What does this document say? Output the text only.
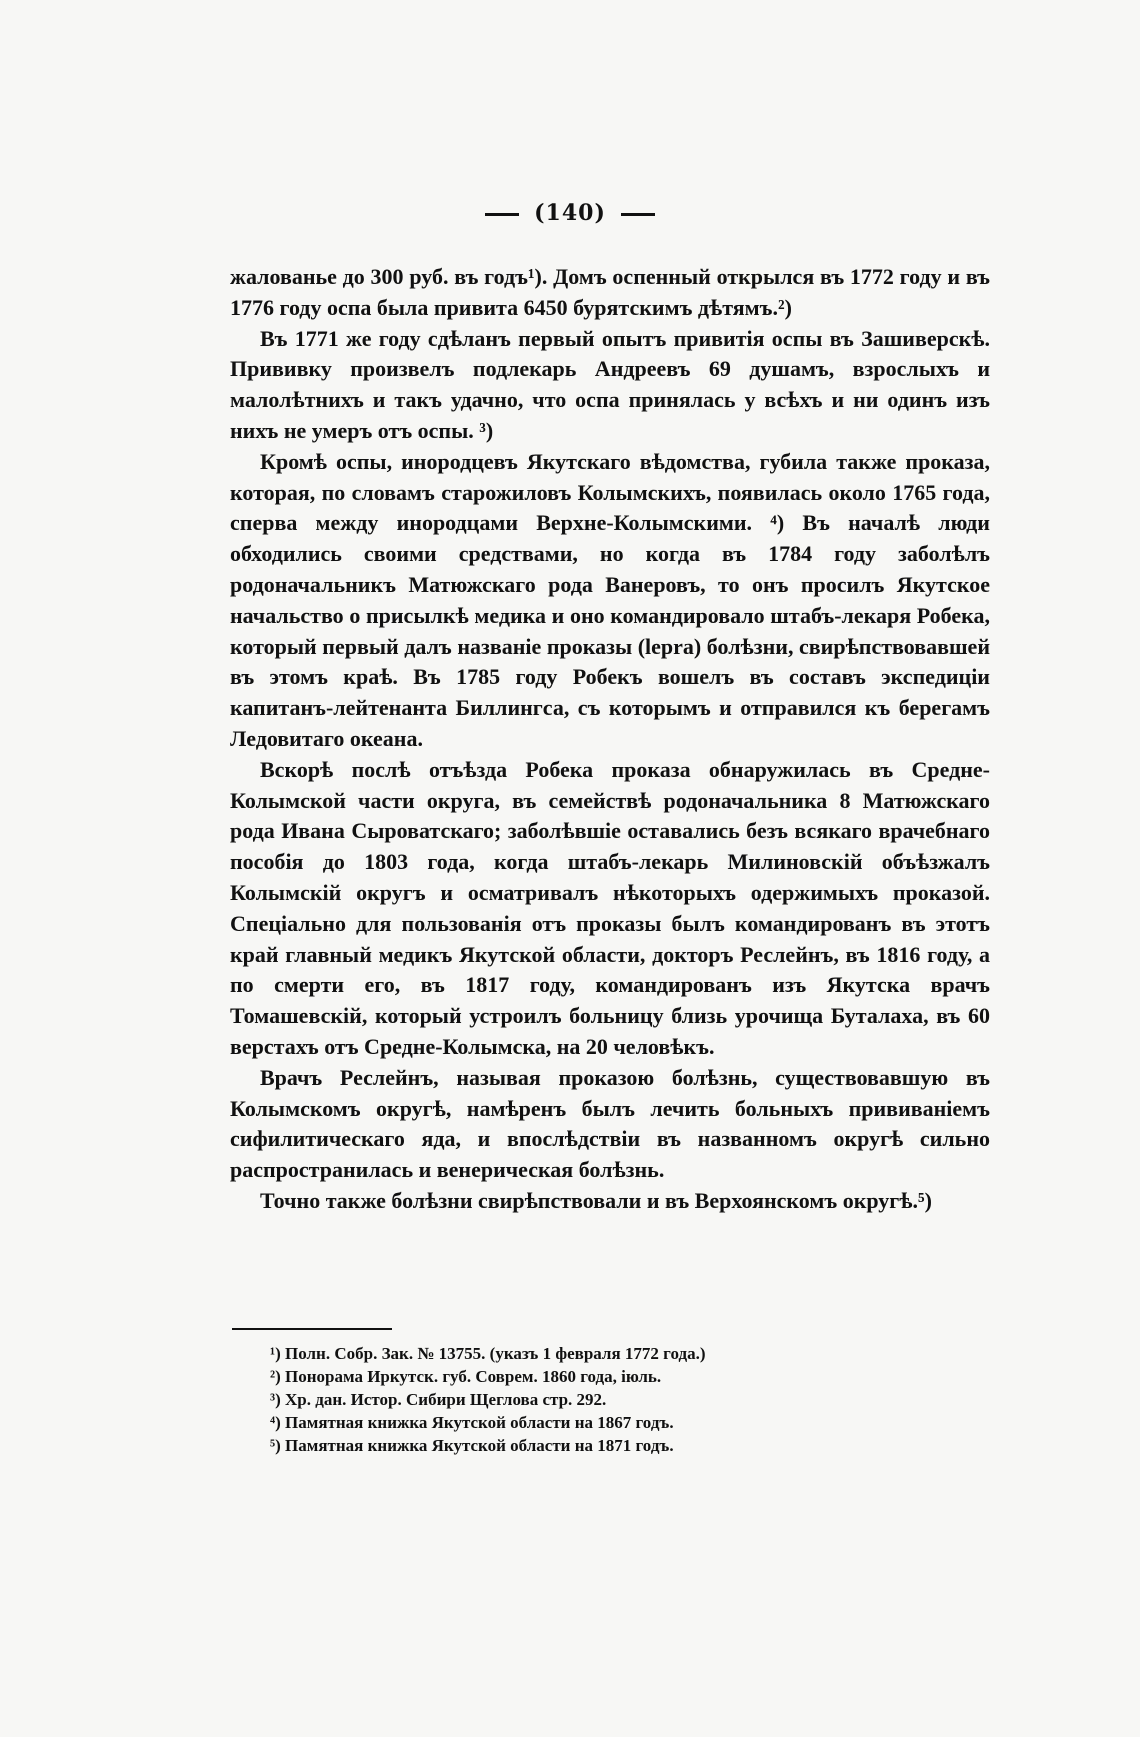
(140)

жалованье до 300 руб. въ годъ¹). Домъ оспенный открылся въ 1772 году и въ 1776 году оспа была привита 6450 бурятскимъ дѣтямъ.²)

Въ 1771 же году сдѣланъ первый опытъ привитія оспы въ Зашиверскѣ. Прививку произвелъ подлекарь Андреевъ 69 душамъ, взрослыхъ и малолѣтнихъ и такъ удачно, что оспа принялась у всѣхъ и ни одинъ изъ нихъ не умеръ отъ оспы. ³)

Кромѣ оспы, инородцевъ Якутскаго вѣдомства, губила также проказа, которая, по словамъ старожиловъ Колымскихъ, появилась около 1765 года, сперва между инородцами Верхне-Колымскими. ⁴) Въ началѣ люди обходились своими средствами, но когда въ 1784 году заболѣлъ родоначальникъ Матюжскаго рода Ванеровъ, то онъ просилъ Якутское начальство о присылкѣ медика и оно командировало штабъ-лекаря Робека, который первый далъ названіе проказы (lepra) болѣзни, свирѣпствовавшей въ этомъ краѣ. Въ 1785 году Робекъ вошелъ въ составъ экспедиціи капитанъ-лейтенанта Биллингса, съ которымъ и отправился къ берегамъ Ледовитаго океана.

Вскорѣ послѣ отъѣзда Робека проказа обнаружилась въ Средне-Колымской части округа, въ семействѣ родоначальника 8 Матюжскаго рода Ивана Сыроватскаго; заболѣвшіе оставались безъ всякаго врачебнаго пособія до 1803 года, когда штабъ-лекарь Милиновскій объѣзжалъ Колымскій округъ и осматривалъ нѣкоторыхъ одержимыхъ проказой. Спеціально для пользованія отъ проказы былъ командированъ въ этотъ край главный медикъ Якутской области, докторъ Реслейнъ, въ 1816 году, а по смерти его, въ 1817 году, командированъ изъ Якутска врачъ Томашевскій, который устроилъ больницу близь урочища Буталаха, въ 60 верстахъ отъ Средне-Колымска, на 20 человѣкъ.

Врачъ Реслейнъ, называя проказою болѣзнь, существовавшую въ Колымскомъ округѣ, намѣренъ былъ лечить больныхъ прививаніемъ сифилитическаго яда, и впослѣдствіи въ названномъ округѣ сильно распространилась и венерическая болѣзнь.

Точно также болѣзни свирѣпствовали и въ Верхоянскомъ округѣ.⁵)

¹) Полн. Собр. Зак. № 13755. (указъ 1 февраля 1772 года.)
²) Понорама Иркутск. губ. Соврем. 1860 года, іюль.
³) Хр. дан. Истор. Сибири Щеглова стр. 292.
⁴) Памятная книжка Якутской области на 1867 годъ.
⁵) Памятная книжка Якутской области на 1871 годъ.
